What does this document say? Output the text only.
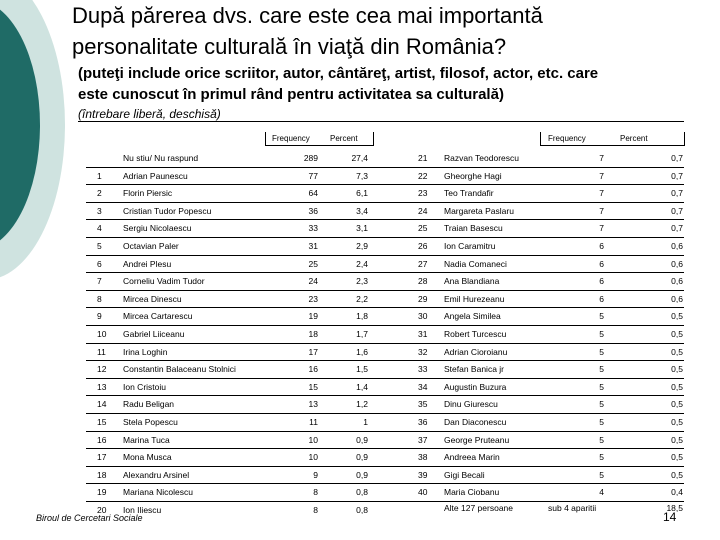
După părerea dvs. care este cea mai importantă
personalitate culturală în viaţă din România?
(puteţi include orice scriitor, autor, cântăreţ, artist, filosof, actor, etc. care
este cunoscut în primul rând pentru activitatea sa culturală)
(întrebare liberă, deschisă)
Frequency	Percent	Frequency	Percent
Nu stiu/ Nu raspund	289	27,4
1	Adrian Paunescu	77	7,3
2	Florin Piersic	64	6,1
3	Cristian Tudor Popescu	36	3,4
4	Sergiu Nicolaescu	33	3,1
5	Octavian Paler	31	2,9
6	Andrei Plesu	25	2,4
7	Corneliu Vadim Tudor	24	2,3
8	Mircea Dinescu	23	2,2
9	Mircea Cartarescu	19	1,8
10 Gabriel Liiceanu	18	1,7
11 Irina Loghin	17	1,6
12 Constantin Balaceanu Stolnici	16	1,5
13 Ion Cristoiu	15	1,4
14 Radu Beligan	13	1,2
15 Stela Popescu	11	1
16 Marina Tuca	10	0,9
17 Mona Musca	10	0,9
18 Alexandru Arsinel	9	0,9
19 Mariana Nicolescu	8	0,8
20 Ion Iliescu	8	0,8
21 Razvan Teodorescu	7	0,7
22 Gheorghe Hagi	7	0,7
23 Teo Trandafir	7	0,7
24 Margareta Paslaru	7	0,7
25 Traian Basescu	7	0,7
26 Ion Caramitru	6	0,6
27 Nadia Comaneci	6	0,6
28 Ana Blandiana	6	0,6
29 Emil Hurezeanu	6	0,6
30 Angela Similea	5	0,5
31 Robert Turcescu	5	0,5
32 Adrian Cioroianu	5	0,5
33 Stefan Banica jr	5	0,5
34 Augustin Buzura	5	0,5
35 Dinu Giurescu	5	0,5
36 Dan Diaconescu	5	0,5
37 George Pruteanu	5	0,5
38 Andreea Marin	5	0,5
39 Gigi Becali	5	0,5
40 Maria Ciobanu	4	0,4
Alte 127 persoane	sub 4 aparitii	18,5
Biroul de Cercetari Sociale	14
